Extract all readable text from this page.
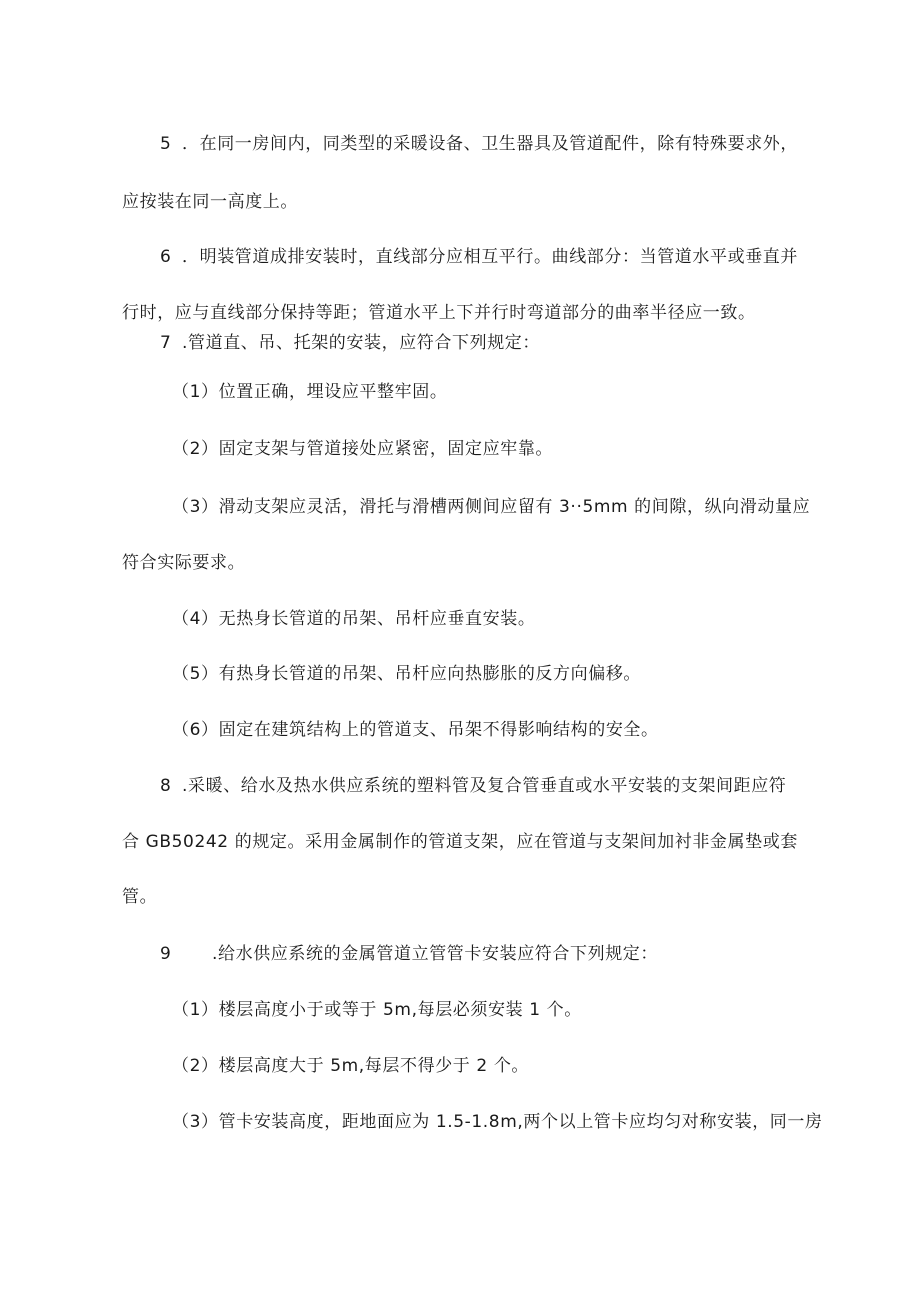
5 ．在同一房间内，同类型的采暖设备、卫生器具及管道配件，除有特殊要求外，
应按装在同一高度上。
6 ．明装管道成排安装时，直线部分应相互平行。曲线部分：当管道水平或垂直并
行时，应与直线部分保持等距；管道水平上下并行时弯道部分的曲率半径应一致。
7 .管道直、吊、托架的安装，应符合下列规定：
（1）位置正确，埋设应平整牢固。
（2）固定支架与管道接处应紧密，固定应牢靠。
（3）滑动支架应灵活，滑托与滑槽两侧间应留有 3··5mm 的间隙，纵向滑动量应
符合实际要求。
（4）无热身长管道的吊架、吊杆应垂直安装。
（5）有热身长管道的吊架、吊杆应向热膨胀的反方向偏移。
（6）固定在建筑结构上的管道支、吊架不得影响结构的安全。
8 .采暖、给水及热水供应系统的塑料管及复合管垂直或水平安装的支架间距应符
合 GB50242 的规定。采用金属制作的管道支架，应在管道与支架间加衬非金属垫或套
管。
9 .给水供应系统的金属管道立管管卡安装应符合下列规定：
（1）楼层高度小于或等于 5m,每层必须安装 1 个。
（2）楼层高度大于 5m,每层不得少于 2 个。
（3）管卡安装高度，距地面应为 1.5-1.8m,两个以上管卡应均匀对称安装，同一房
